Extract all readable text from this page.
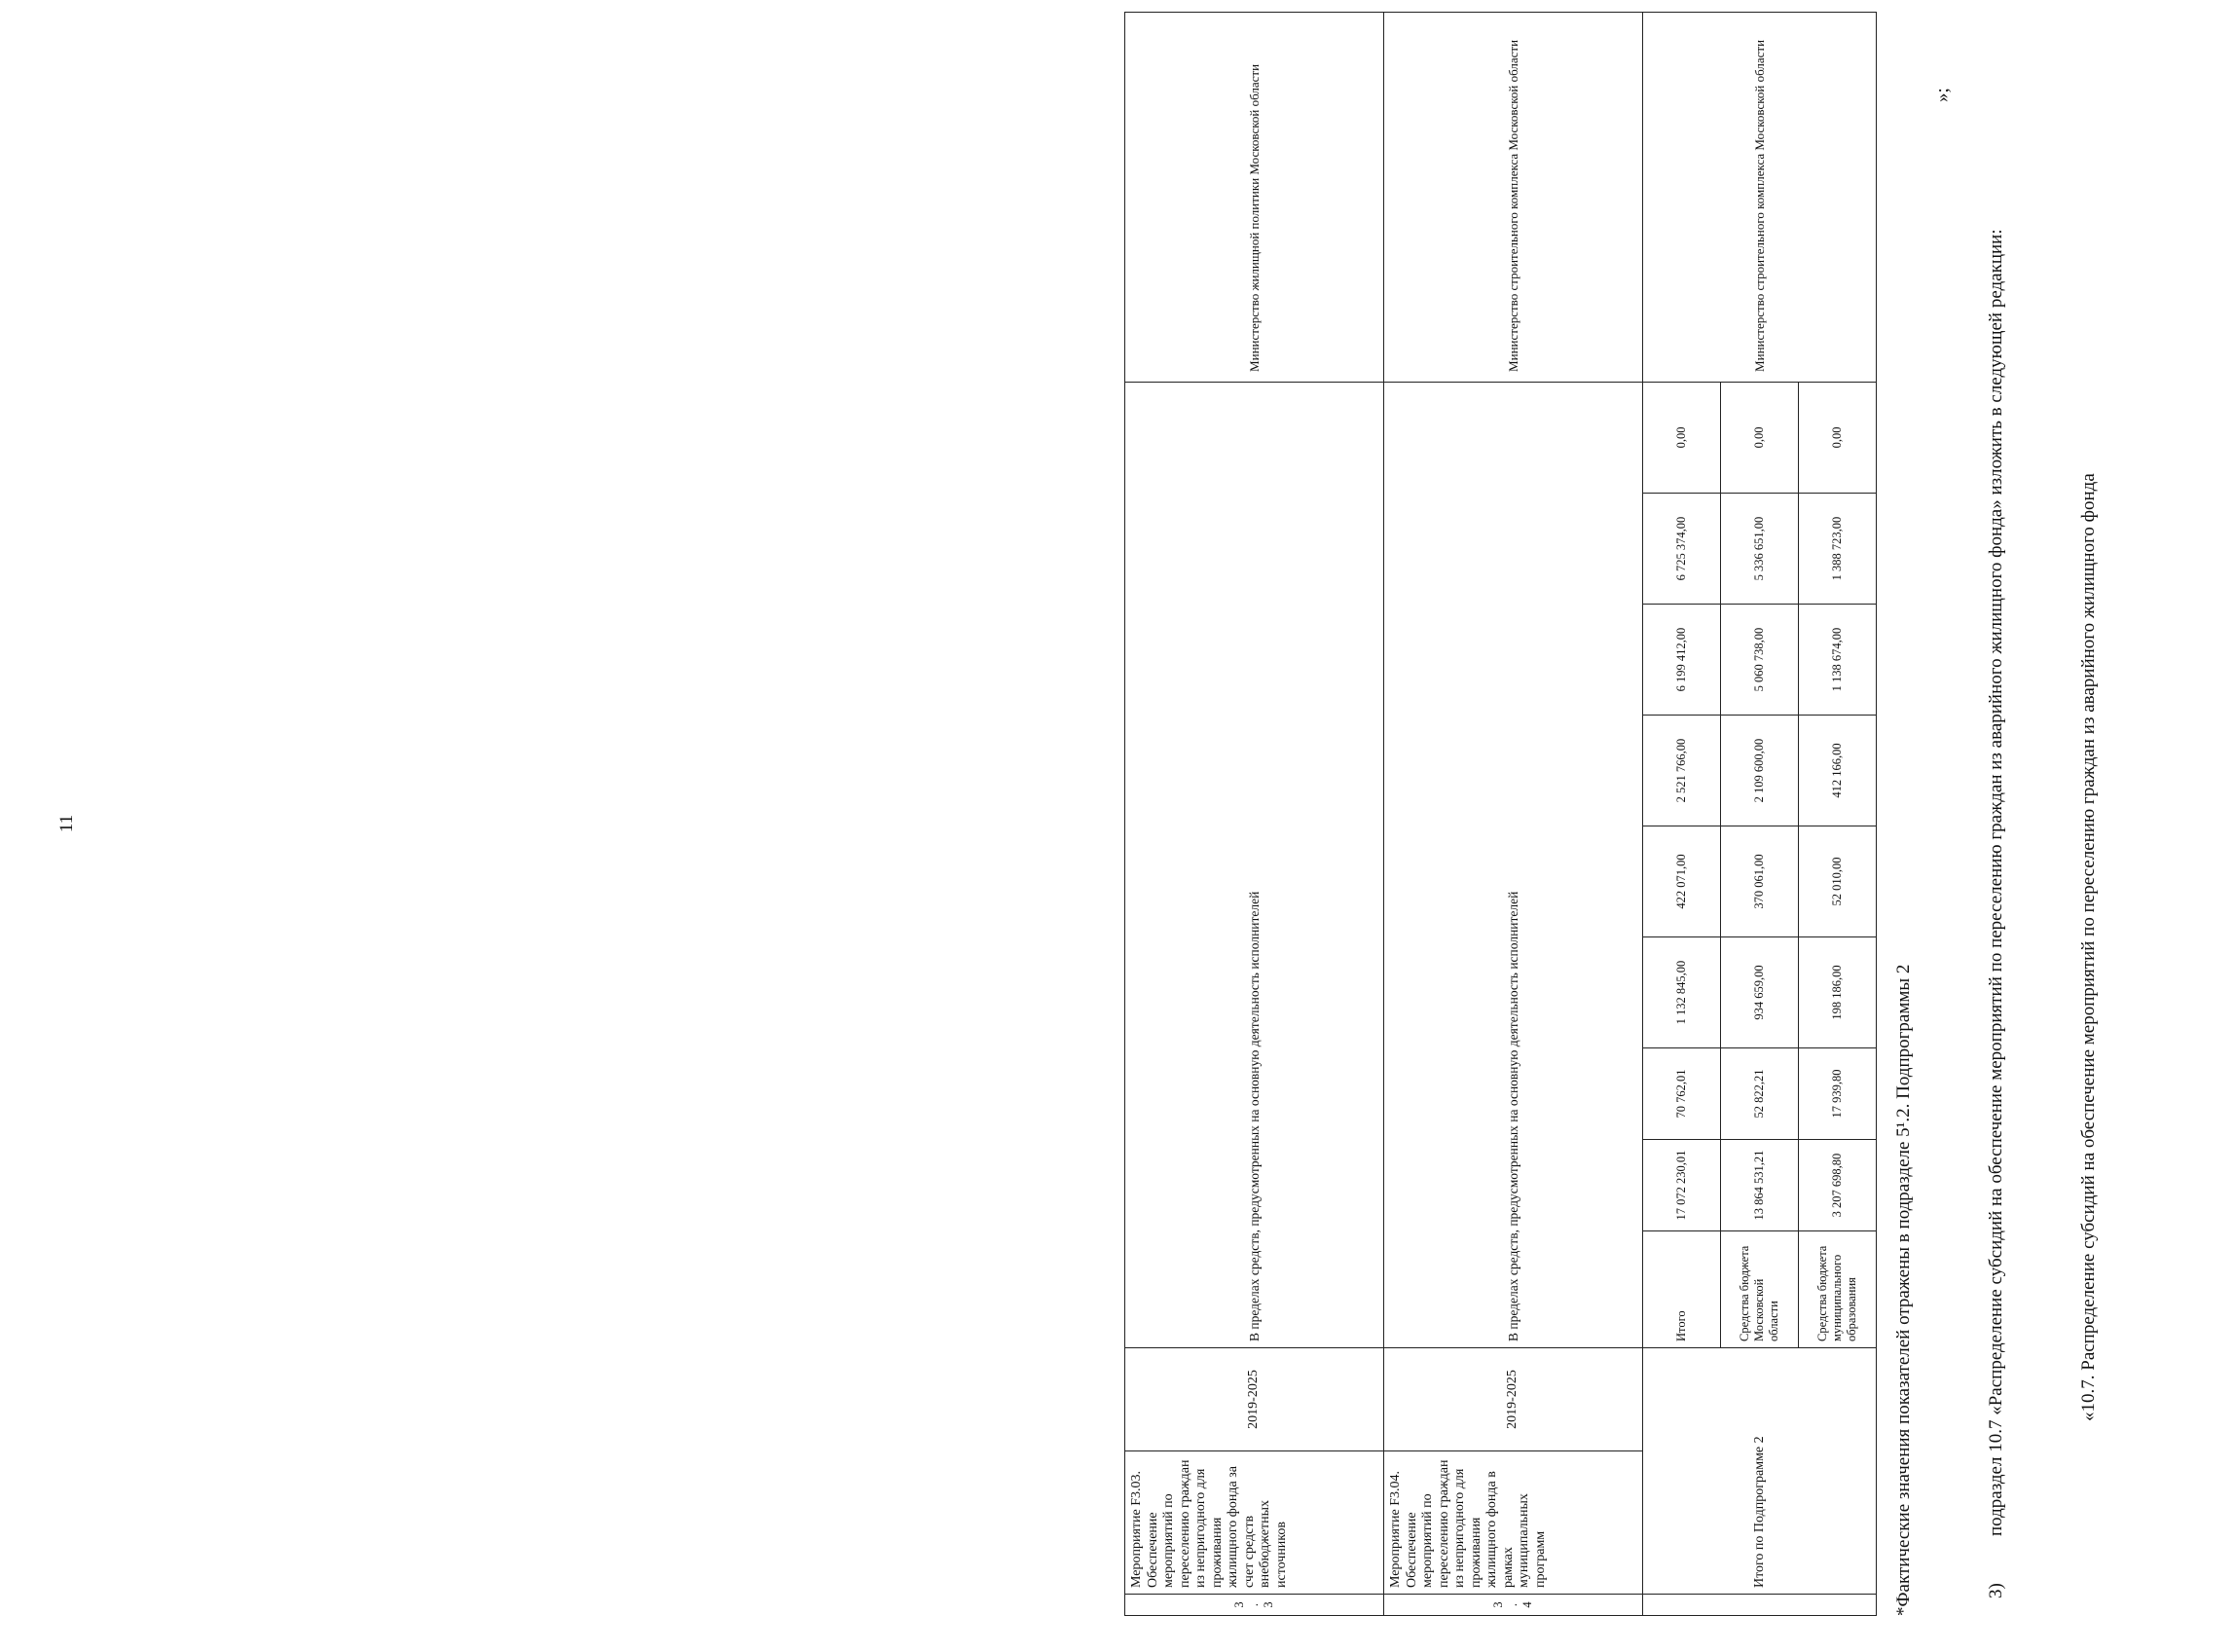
11
3.3	Мероприятие F3.03. Обеспечение мероприятий по переселению граждан из непригодного для проживания жилищного фонда за счет средств внебюджетных источников	2019-2025	В пределах средств, предусмотренных на основную деятельность исполнителей									Министерство жилищной политики Московской области
3.4	Мероприятие F3.04. Обеспечение мероприятий по переселению граждан из непригодного для проживания жилищного фонда в рамках муниципальных программ	2019-2025	В пределах средств, предусмотренных на основную деятельность исполнителей									Министерство строительного комплекса Московской области
	Итого по Подпрограмме 2		Итого	17 072 230,01	70 762,01	1 132 845,00	422 071,00	2 521 766,00	6 199 412,00	6 725 374,00	0,00	Министерство строительного комплекса Московской области
			Средства бюджета Московской области	13 864 531,21	52 822,21	934 659,00	370 061,00	2 109 600,00	5 060 738,00	5 336 651,00	0,00	
			Средства бюджета муниципального образования	3 207 698,80	17 939,80	198 186,00	52 010,00	412 166,00	1 138 674,00	1 388 723,00	0,00	
*Фактические значения показателей отражены в подразделе 5¹.2. Подпрограммы 2
»;
3)подраздел 10.7 «Распределение субсидий на обеспечение мероприятий по переселению граждан из аварийного жилищного фонда» изложить в следующей редакции:	«10.7. Распределение субсидий на обеспечение мероприятий по переселению граждан из аварийного жилищного фонда
